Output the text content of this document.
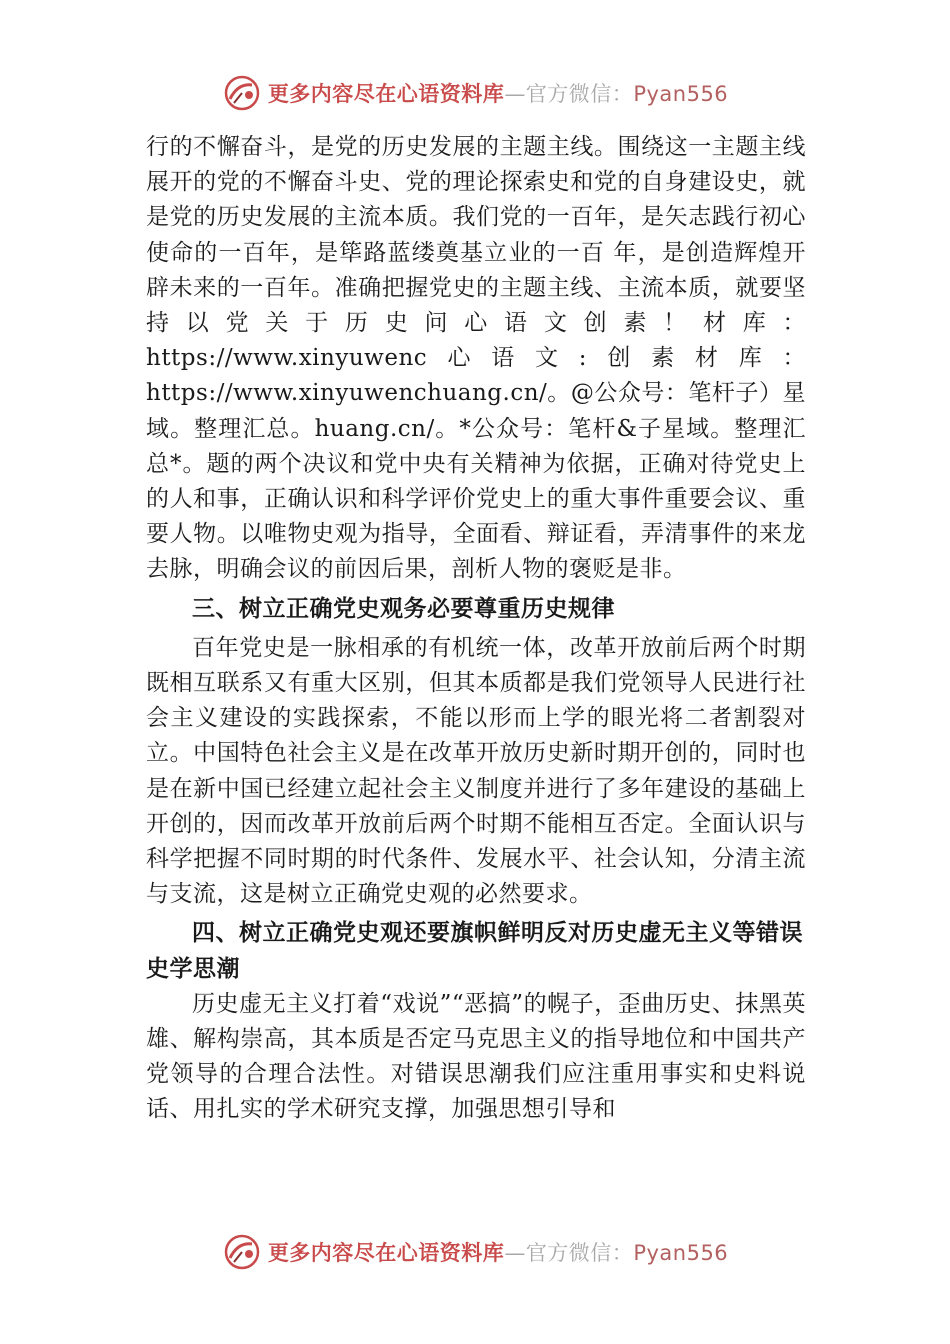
更多内容尽在心语资料库—官方微信：Pyan556

行的不懈奋斗，是党的历史发展的主题主线。围绕这一主题主线展开的党的不懈奋斗史、党的理论探索史和党的自身建设史，就是党的历史发展的主流本质。我们党的一百年，是矢志践行初心使命的一百年，是筚路蓝缕奠基立业的一百 年，是创造辉煌开辟未来的一百年。准确把握党史的主题主线、主流本质，就要坚持以党关于历史问心语文创素！材库：https://www.xinyuwenc心语文:创素材库：https://www.xinyuwenchuang.cn/。@公众号：笔杆子）星域。整理汇总。huang.cn/。*公众号：笔杆&子星域。整理汇总*。题的两个决议和党中央有关精神为依据，正确对待党史上的人和事，正确认识和科学评价党史上的重大事件重要会议、重要人物。以唯物史观为指导，全面看、辩证看，弄清事件的来龙去脉，明确会议的前因后果，剖析人物的褒贬是非。

三、树立正确党史观务必要尊重历史规律

百年党史是一脉相承的有机统一体，改革开放前后两个时期既相互联系又有重大区别，但其本质都是我们党领导人民进行社会主义建设的实践探索，不能以形而上学的眼光将二者割裂对立。中国特色社会主义是在改革开放历史新时期开创的，同时也是在新中国已经建立起社会主义制度并进行了多年建设的基础上开创的，因而改革开放前后两个时期不能相互否定。全面认识与科学把握不同时期的时代条件、发展水平、社会认知，分清主流与支流，这是树立正确党史观的必然要求。

四、树立正确党史观还要旗帜鲜明反对历史虚无主义等错误史学思潮

历史虚无主义打着“戏说”“恶搞”的幌子，歪曲历史、抹黑英雄、解构崇高，其本质是否定马克思主义的指导地位和中国共产党领导的合理合法性。对错误思潮我们应注重用事实和史料说话、用扎实的学术研究支撑，加强思想引导和

更多内容尽在心语资料库—官方微信：Pyan556
